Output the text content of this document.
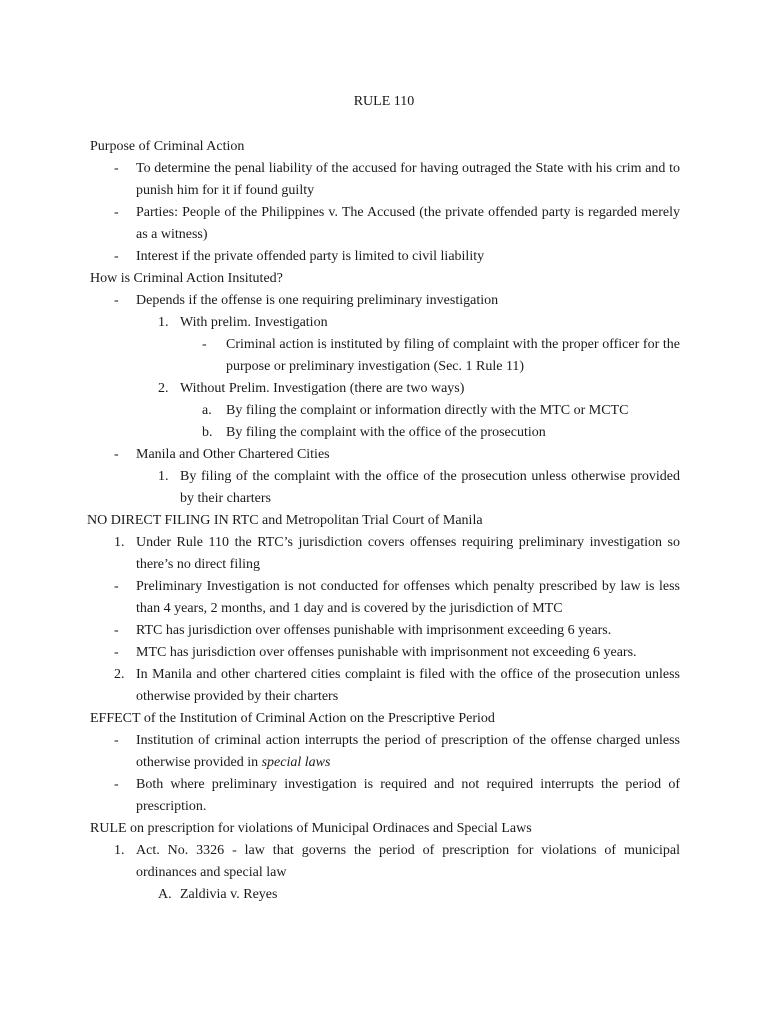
RULE 110
Purpose of Criminal Action
-	To determine the penal liability of the accused for having outraged the State with his crim and to punish him for it if found guilty
-	Parties: People of the Philippines v. The Accused (the private offended party is regarded merely as a witness)
-	Interest if the private offended party is limited to civil liability
How is Criminal Action Insituted?
-	Depends if the offense is one requiring preliminary investigation
1. With prelim. Investigation
-	Criminal action is instituted by filing of complaint with the proper officer for the purpose or preliminary investigation (Sec. 1 Rule 11)
2. Without Prelim. Investigation (there are two ways)
a.	By filing the complaint or information directly with the MTC or MCTC
b. By filing the complaint with the office of the prosecution
-	Manila and Other Chartered Cities
1. By filing of the complaint with the office of the prosecution unless otherwise provided by their charters
NO DIRECT FILING IN RTC and Metropolitan Trial Court of Manila
1. Under Rule 110 the RTC’s jurisdiction covers offenses requiring preliminary investigation so there’s no direct filing
-	Preliminary Investigation is not conducted for offenses which penalty prescribed by law is less than 4 years, 2 months, and 1 day and is covered by the jurisdiction of MTC
-	RTC has jurisdiction over offenses punishable with imprisonment exceeding 6 years.
-	MTC has jurisdiction over offenses punishable with imprisonment not exceeding 6 years.
2. In Manila and other chartered cities complaint is filed with the office of the prosecution unless otherwise provided by their charters
EFFECT of the Institution of Criminal Action on the Prescriptive Period
-	Institution of criminal action interrupts the period of prescription of the offense charged unless otherwise provided in special laws
-	Both where preliminary investigation is required and not required interrupts the period of prescription.
RULE on prescription for violations of Municipal Ordinaces and Special Laws
1. Act. No. 3326 - law that governs the period of prescription for violations of municipal ordinances and special law
A. Zaldivia v. Reyes
